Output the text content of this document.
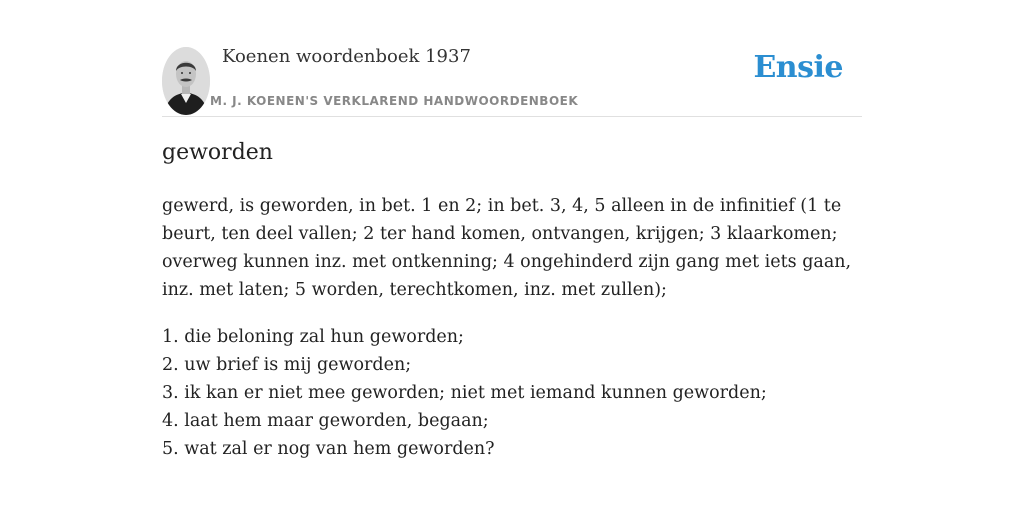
Koenen woordenboek 1937
M. J. KOENEN'S VERKLAREND HANDWOORDENBOEK
Ensie
geworden

gewerd, is geworden, in bet. 1 en 2; in bet. 3, 4, 5 alleen in de infinitief (1 te beurt, ten deel vallen; 2 ter hand komen, ontvangen, krijgen; 3 klaarkomen; overweg kunnen inz. met ontkenning; 4 ongehinderd zijn gang met iets gaan, inz. met laten; 5 worden, terechtkomen, inz. met zullen);

1. die beloning zal hun geworden;
2. uw brief is mij geworden;
3. ik kan er niet mee geworden; niet met iemand kunnen geworden;
4. laat hem maar geworden, begaan;
5. wat zal er nog van hem geworden?
